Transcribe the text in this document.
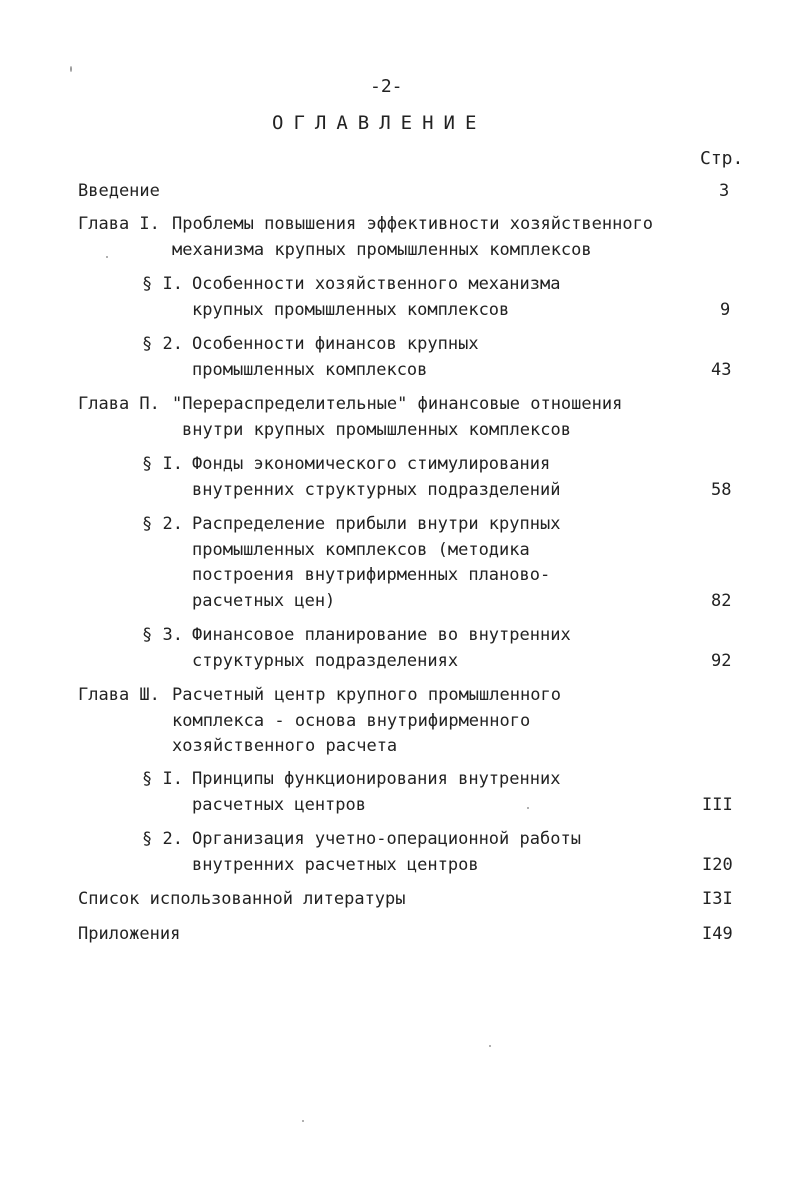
-2-
ОГЛАВЛЕНИЕ
Стр.
Введение	3
Глава I. Проблемы повышения эффективности хозяйственного
механизма крупных промышленных комплексов
§ I. Особенности хозяйственного механизма
крупных промышленных комплексов	9
§ 2. Особенности финансов крупных
промышленных комплексов	43
Глава П. "Перераспределительные" финансовые отношения
внутри крупных промышленных комплексов
§ I. Фонды экономического стимулирования
внутренних структурных подразделений	58
§ 2. Распределение прибыли внутри крупных
промышленных комплексов (методика
построения внутрифирменных планово-
расчетных цен)	82
§ 3. Финансовое планирование во внутренних
структурных подразделениях	92
Глава Ш. Расчетный центр крупного промышленного
комплекса - основа внутрифирменного
хозяйственного расчета
§ I. Принципы функционирования внутренних
расчетных центров	III
§ 2. Организация учетно-операционной работы
внутренних расчетных центров	I20
Список использованной литературы	I3I
Приложения	I49
